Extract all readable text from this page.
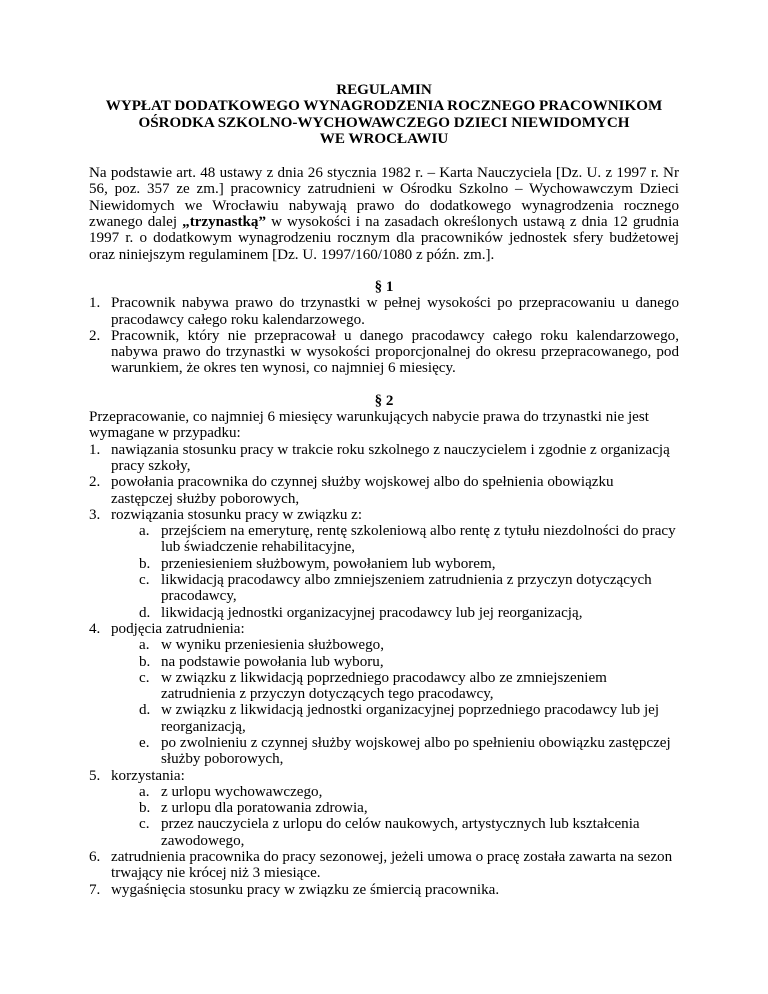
REGULAMIN
WYPŁAT DODATKOWEGO WYNAGRODZENIA ROCZNEGO PRACOWNIKOM
OŚRODKA SZKOLNO-WYCHOWAWCZEGO DZIECI NIEWIDOMYCH
WE WROCŁAWIU
Na podstawie art. 48 ustawy z dnia 26 stycznia 1982 r. – Karta Nauczyciela [Dz. U. z 1997 r. Nr 56, poz. 357 ze zm.] pracownicy zatrudnieni w Ośrodku Szkolno – Wychowawczym Dzieci Niewidomych we Wrocławiu nabywają prawo do dodatkowego wynagrodzenia rocznego zwanego dalej „trzynastką” w wysokości i na zasadach określonych ustawą z dnia 12 grudnia 1997 r. o dodatkowym wynagrodzeniu rocznym dla pracowników jednostek sfery budżetowej oraz niniejszym regulaminem [Dz. U. 1997/160/1080 z późn. zm.].
§ 1
1. Pracownik nabywa prawo do trzynastki w pełnej wysokości po przepracowaniu u danego pracodawcy całego roku kalendarzowego.
2. Pracownik, który nie przepracował u danego pracodawcy całego roku kalendarzowego, nabywa prawo do trzynastki w wysokości proporcjonalnej do okresu przepracowanego, pod warunkiem, że okres ten wynosi, co najmniej 6 miesięcy.
§ 2
Przepracowanie, co najmniej 6 miesięcy warunkujących nabycie prawa do trzynastki nie jest wymagane w przypadku:
1. nawiązania stosunku pracy w trakcie roku szkolnego z nauczycielem i zgodnie z organizacją pracy szkoły,
2. powołania pracownika do czynnej służby wojskowej albo do spełnienia obowiązku zastępczej służby poborowych,
3. rozwiązania stosunku pracy w związku z:
a. przejściem na emeryturę, rentę szkoleniową albo rentę z tytułu niezdolności do pracy lub świadczenie rehabilitacyjne,
b. przeniesieniem służbowym, powołaniem lub wyborem,
c. likwidacją pracodawcy albo zmniejszeniem zatrudnienia z przyczyn dotyczących pracodawcy,
d. likwidacją jednostki organizacyjnej pracodawcy lub jej reorganizacją,
4. podjęcia zatrudnienia:
a. w wyniku przeniesienia służbowego,
b. na podstawie powołania lub wyboru,
c. w związku z likwidacją poprzedniego pracodawcy albo ze zmniejszeniem zatrudnienia z przyczyn dotyczących tego pracodawcy,
d. w związku z likwidacją jednostki organizacyjnej poprzedniego pracodawcy lub jej reorganizacją,
e. po zwolnieniu z czynnej służby wojskowej albo po spełnieniu obowiązku zastępczej służby poborowych,
5. korzystania:
a. z urlopu wychowawczego,
b. z urlopu dla poratowania zdrowia,
c. przez nauczyciela z urlopu do celów naukowych, artystycznych lub kształcenia zawodowego,
6. zatrudnienia pracownika do pracy sezonowej, jeżeli umowa o pracę została zawarta na sezon trwający nie krócej niż 3 miesiące.
7. wygaśnięcia stosunku pracy w związku ze śmiercią pracownika.
